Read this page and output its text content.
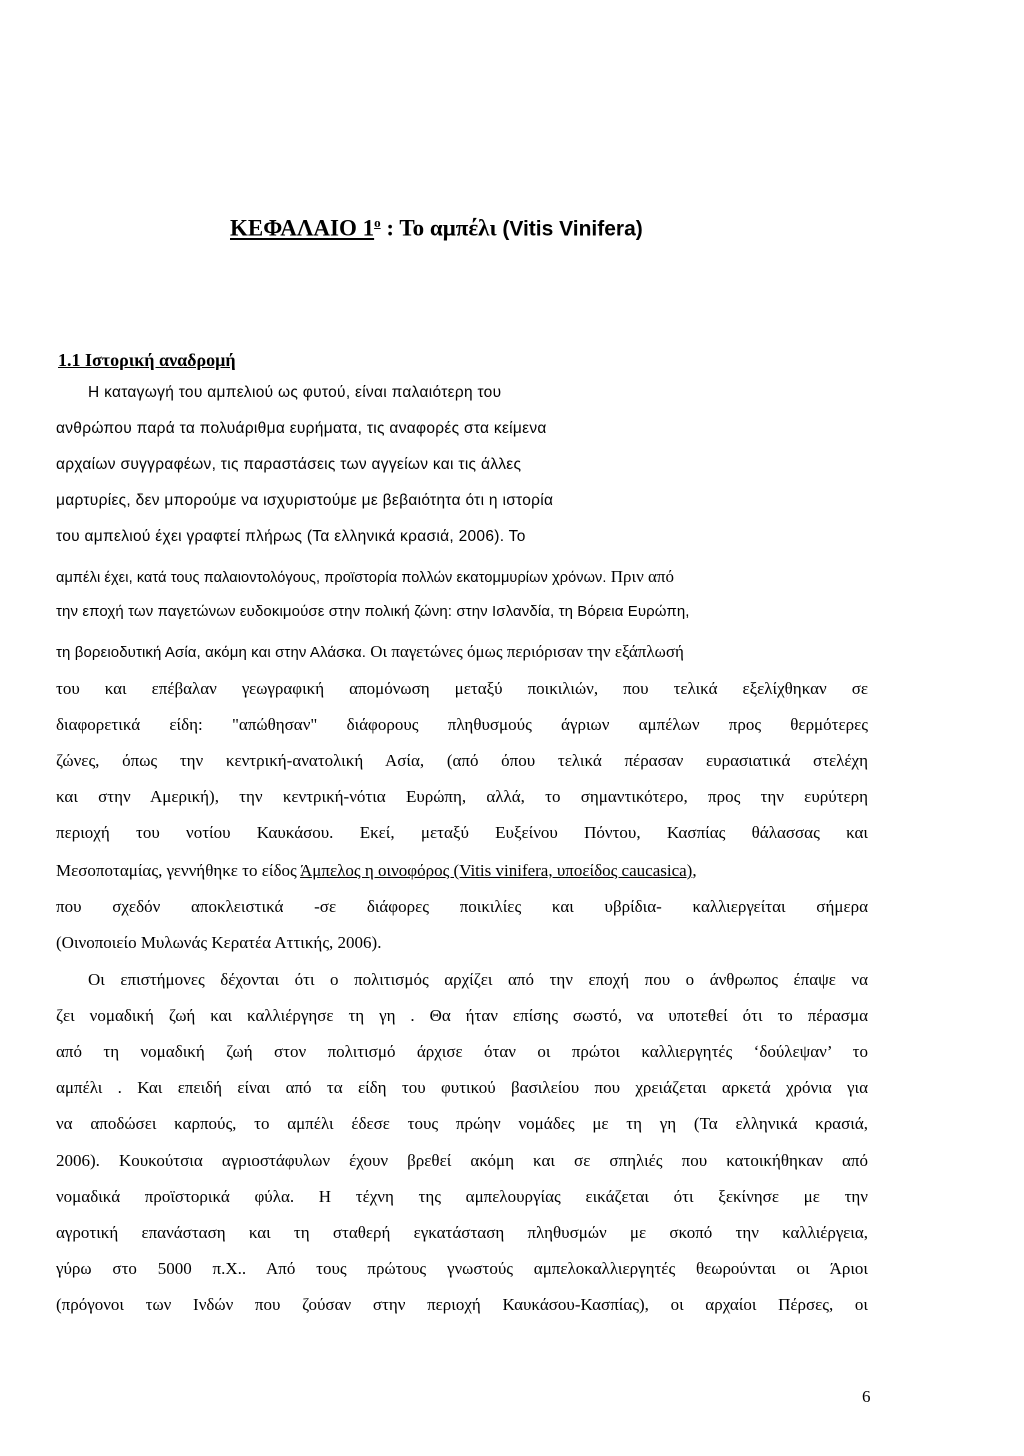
ΚΕΦΑΛΑΙΟ $1^o$ : Το αμπέλι (Vitis Vinifera)
1.1 Ιστορική αναδρομή
Η καταγωγή του αμπελιού ως φυτού, είναι παλαιότερη του
ανθρώπου παρά τα πολυάριθμα ευρήματα, τις αναφορές στα κείμενα
αρχαίων συγγραφέων, τις παραστάσεις των αγγείων και τις άλλες
μαρτυρίες, δεν μπορούμε να ισχυριστούμε με βεβαιότητα ότι η ιστορία
του αμπελιού έχει γραφτεί πλήρως (Τα ελληνικά κρασιά, 2006). Το
αμπέλι έχει, κατά τους παλαιοντολόγους, προϊστορία πολλών εκατομμυρίων χρόνων. Πριν από
την εποχή των παγετώνων ευδοκιμούσε στην πολική ζώνη: στην Ισλανδία, τη Βόρεια Ευρώπη,
τη βορειοδυτική Ασία, ακόμη και στην Αλάσκα. Οι παγετώνες όμως περιόρισαν την εξάπλωσή
του και επέβαλαν γεωγραφική απομόνωση μεταξύ ποικιλιών, που τελικά εξελίχθηκαν σε
διαφορετικά είδη: "απώθησαν" διάφορους πληθυσμούς άγριων αμπέλων προς θερμότερες
ζώνες, όπως την κεντρική-ανατολική Ασία, (από όπου τελικά πέρασαν ευρασιατικά στελέχη
και στην Αμερική), την κεντρική-νότια Ευρώπη, αλλά, το σημαντικότερο, προς την ευρύτερη
περιοχή του νοτίου Καυκάσου. Εκεί, μεταξύ Ευξείνου Πόντου, Κασπίας θάλασσας και
Μεσοποταμίας, γεννήθηκε το είδος Άμπελος η οινοφόρος (Vitis vinifera, υποείδος caucasica),
που σχεδόν αποκλειστικά -σε διάφορες ποικιλίες και υβρίδια- καλλιεργείται σήμερα
(Οινοποιείο Μυλωνάς Κερατέα Αττικής, 2006).
Οι επιστήμονες δέχονται ότι ο πολιτισμός αρχίζει από την εποχή που ο άνθρωπος έπαψε να
ζει νομαδική ζωή και καλλιέργησε τη γη . Θα ήταν επίσης σωστό, να υποτεθεί ότι το πέρασμα
από τη νομαδική ζωή στον πολιτισμό άρχισε όταν οι πρώτοι καλλιεργητές ‘δούλεψαν’ το
αμπέλι . Και επειδή είναι από τα είδη του φυτικού βασιλείου που χρειάζεται αρκετά χρόνια για
να αποδώσει καρπούς, το αμπέλι έδεσε τους πρώην νομάδες με τη γη (Τα ελληνικά κρασιά,
2006). Κουκούτσια αγριοστάφυλων έχουν βρεθεί ακόμη και σε σπηλιές που κατοικήθηκαν από
νομαδικά προϊστορικά φύλα. Η τέχνη της αμπελουργίας εικάζεται ότι ξεκίνησε με την
αγροτική επανάσταση και τη σταθερή εγκατάσταση πληθυσμών με σκοπό την καλλιέργεια,
γύρω στο 5000 π.Χ.. Από τους πρώτους γνωστούς αμπελοκαλλιεργητές θεωρούνται οι Άριοι
(πρόγονοι των Ινδών που ζούσαν στην περιοχή Καυκάσου-Κασπίας), οι αρχαίοι Πέρσες, οι
6
